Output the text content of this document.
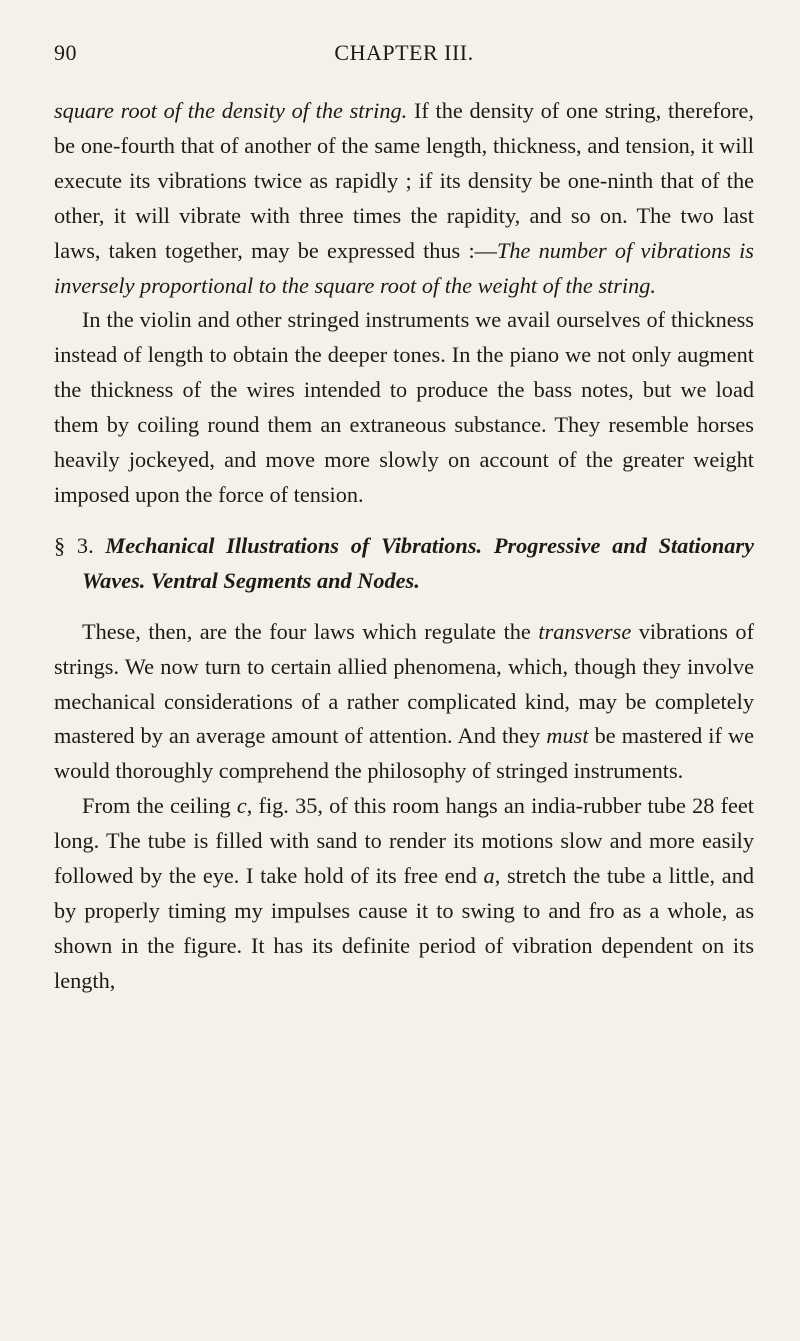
90	CHAPTER III.

square root of the density of the string. If the density of one string, therefore, be one-fourth that of another of the same length, thickness, and tension, it will execute its vibrations twice as rapidly ; if its density be one-ninth that of the other, it will vibrate with three times the rapidity, and so on. The two last laws, taken together, may be expressed thus :—The number of vibrations is inversely proportional to the square root of the weight of the string.

In the violin and other stringed instruments we avail ourselves of thickness instead of length to obtain the deeper tones. In the piano we not only augment the thickness of the wires intended to produce the bass notes, but we load them by coiling round them an extraneous substance. They resemble horses heavily jockeyed, and move more slowly on account of the greater weight imposed upon the force of tension.

§ 3. Mechanical Illustrations of Vibrations. Progressive and Stationary Waves. Ventral Segments and Nodes.

These, then, are the four laws which regulate the transverse vibrations of strings. We now turn to certain allied phenomena, which, though they involve mechanical considerations of a rather complicated kind, may be completely mastered by an average amount of attention. And they must be mastered if we would thoroughly comprehend the philosophy of stringed instruments.

From the ceiling c, fig. 35, of this room hangs an india-rubber tube 28 feet long. The tube is filled with sand to render its motions slow and more easily followed by the eye. I take hold of its free end a, stretch the tube a little, and by properly timing my impulses cause it to swing to and fro as a whole, as shown in the figure. It has its definite period of vibration dependent on its length,
